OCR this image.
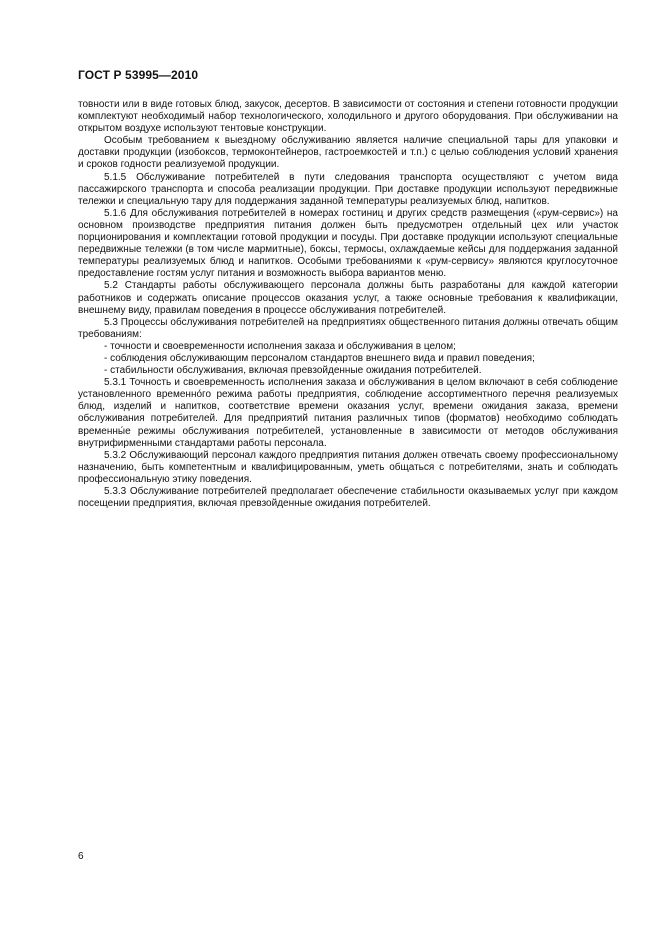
ГОСТ Р 53995—2010

товности или в виде готовых блюд, закусок, десертов. В зависимости от состояния и степени готовности продукции комплектуют необходимый набор технологического, холодильного и другого оборудования. При обслуживании на открытом воздухе используют тентовые конструкции.

Особым требованием к выездному обслуживанию является наличие специальной тары для упаковки и доставки продукции (изобоксов, термоконтейнеров, гастроемкостей и т.п.) с целью соблюдения условий хранения и сроков годности реализуемой продукции.

5.1.5 Обслуживание потребителей в пути следования транспорта осуществляют с учетом вида пассажирского транспорта и способа реализации продукции. При доставке продукции используют передвижные тележки и специальную тару для поддержания заданной температуры реализуемых блюд, напитков.

5.1.6 Для обслуживания потребителей в номерах гостиниц и других средств размещения («рум-сервис») на основном производстве предприятия питания должен быть предусмотрен отдельный цех или участок порционирования и комплектации готовой продукции и посуды. При доставке продукции используют специальные передвижные тележки (в том числе мармитные), боксы, термосы, охлаждаемые кейсы для поддержания заданной температуры реализуемых блюд и напитков. Особыми требованиями к «рум-сервису» являются круглосуточное предоставление гостям услуг питания и возможность выбора вариантов меню.

5.2 Стандарты работы обслуживающего персонала должны быть разработаны для каждой категории работников и содержать описание процессов оказания услуг, а также основные требования к квалификации, внешнему виду, правилам поведения в процессе обслуживания потребителей.

5.3 Процессы обслуживания потребителей на предприятиях общественного питания должны отвечать общим требованиям:

- точности и своевременности исполнения заказа и обслуживания в целом;

- соблюдения обслуживающим персоналом стандартов внешнего вида и правил поведения;

- стабильности обслуживания, включая превзойденные ожидания потребителей.

5.3.1 Точность и своевременность исполнения заказа и обслуживания в целом включают в себя соблюдение установленного временно́го режима работы предприятия, соблюдение ассортиментного перечня реализуемых блюд, изделий и напитков, соответствие времени оказания услуг, времени ожидания заказа, времени обслуживания потребителей. Для предприятий питания различных типов (форматов) необходимо соблюдать временны́е режимы обслуживания потребителей, установленные в зависимости от методов обслуживания внутрифирменными стандартами работы персонала.

5.3.2 Обслуживающий персонал каждого предприятия питания должен отвечать своему профессиональному назначению, быть компетентным и квалифицированным, уметь общаться с потребителями, знать и соблюдать профессиональную этику поведения.

5.3.3 Обслуживание потребителей предполагает обеспечение стабильности оказываемых услуг при каждом посещении предприятия, включая превзойденные ожидания потребителей.

6
